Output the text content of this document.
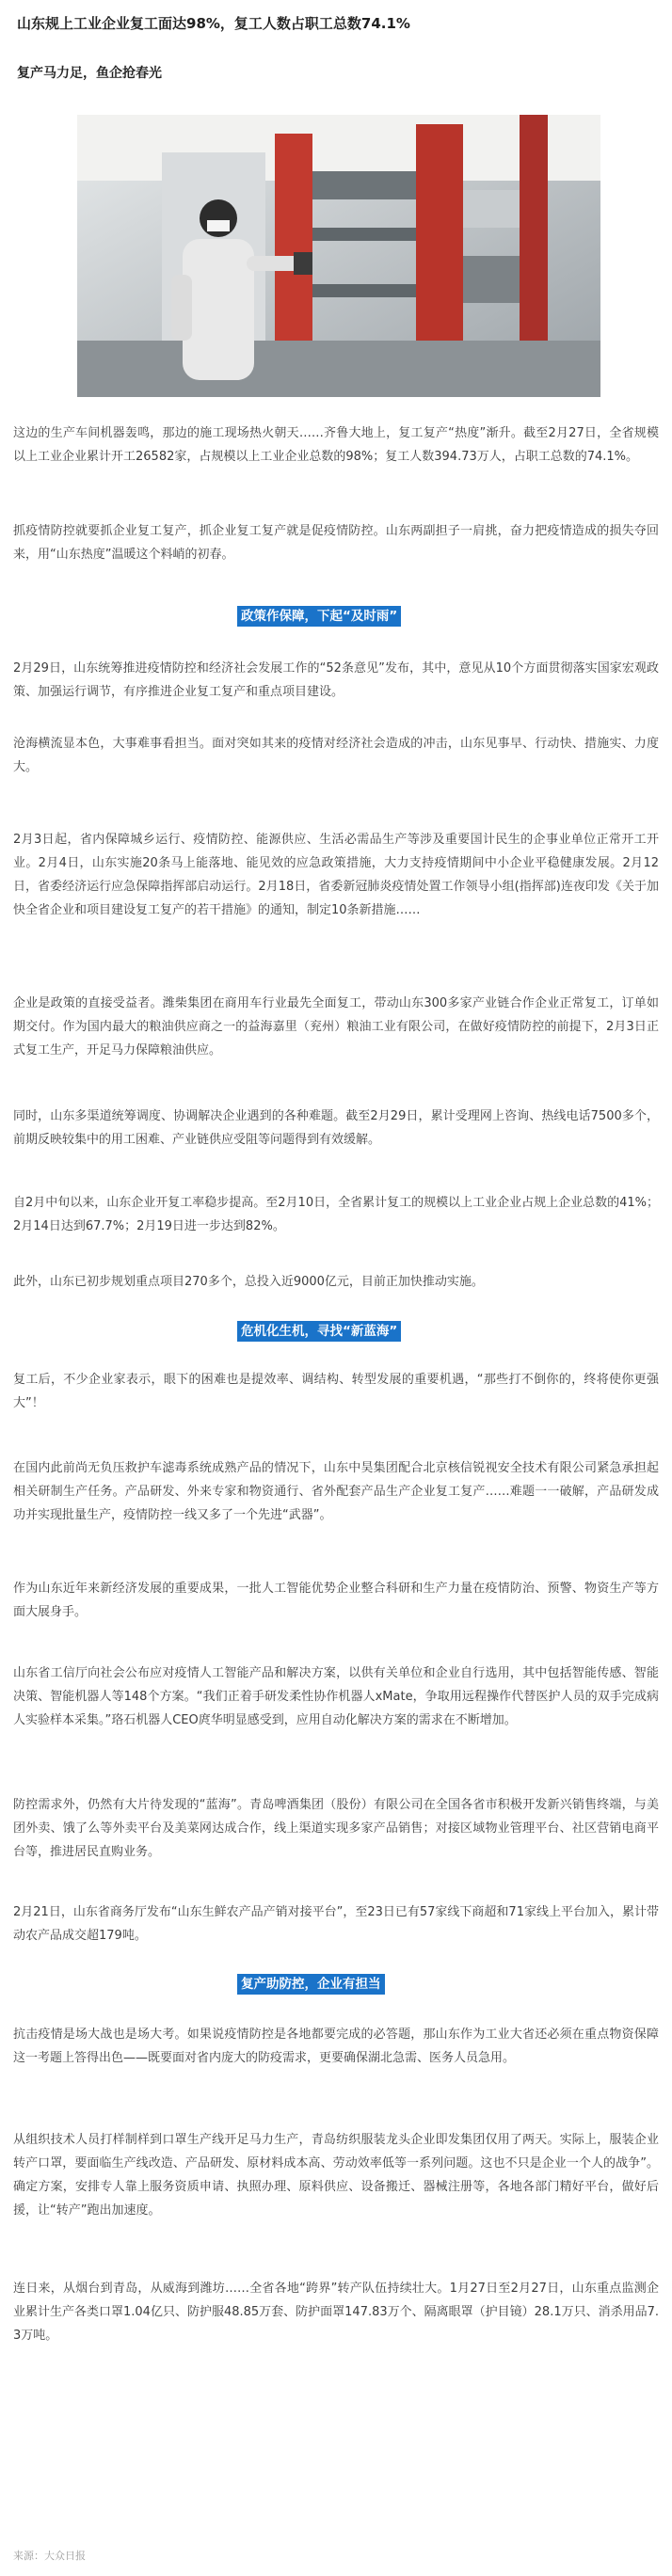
山东规上工业企业复工面达98%，复工人数占职工总数74.1%
复产马力足，鱼企抢春光
这边的生产车间机器轰鸣，那边的施工现场热火朝天……齐鲁大地上，复工复产“热度”渐升。截至2月27日，全省规模以上工业企业累计开工26582家，占规模以上工业企业总数的98%；复工人数394.73万人，占职工总数的74.1%。
抓疫情防控就要抓企业复工复产，抓企业复工复产就是促疫情防控。山东两副担子一肩挑，奋力把疫情造成的损失夺回来，用“山东热度”温暖这个料峭的初春。
政策作保障，下起“及时雨”
2月29日，山东统筹推进疫情防控和经济社会发展工作的“52条意见”发布，其中，意见从10个方面贯彻落实国家宏观政策、加强运行调节，有序推进企业复工复产和重点项目建设。
沧海横流显本色，大事难事看担当。面对突如其来的疫情对经济社会造成的冲击，山东见事早、行动快、措施实、力度大。
2月3日起，省内保障城乡运行、疫情防控、能源供应、生活必需品生产等涉及重要国计民生的企事业单位正常开工开业。2月4日，山东实施20条马上能落地、能见效的应急政策措施，大力支持疫情期间中小企业平稳健康发展。2月12日，省委经济运行应急保障指挥部启动运行。2月18日，省委新冠肺炎疫情处置工作领导小组(指挥部)连夜印发《关于加快全省企业和项目建设复工复产的若干措施》的通知，制定10条新措施……
企业是政策的直接受益者。潍柴集团在商用车行业最先全面复工，带动山东300多家产业链合作企业正常复工，订单如期交付。作为国内最大的粮油供应商之一的益海嘉里（兖州）粮油工业有限公司，在做好疫情防控的前提下，2月3日正式复工生产，开足马力保障粮油供应。
同时，山东多渠道统筹调度、协调解决企业遇到的各种难题。截至2月29日，累计受理网上咨询、热线电话7500多个，前期反映较集中的用工困难、产业链供应受阻等问题得到有效缓解。
自2月中旬以来，山东企业开复工率稳步提高。至2月10日，全省累计复工的规模以上工业企业占规上企业总数的41%；2月14日达到67.7%；2月19日进一步达到82%。
此外，山东已初步规划重点项目270多个，总投入近9000亿元，目前正加快推动实施。
危机化生机，寻找“新蓝海”
复工后，不少企业家表示，眼下的困难也是提效率、调结构、转型发展的重要机遇，“那些打不倒你的，终将使你更强大”！
在国内此前尚无负压救护车滤毒系统成熟产品的情况下，山东中昊集团配合北京核信锐视安全技术有限公司紧急承担起相关研制生产任务。产品研发、外来专家和物资通行、省外配套产品生产企业复工复产……难题一一破解，产品研发成功并实现批量生产，疫情防控一线又多了一个先进“武器”。
作为山东近年来新经济发展的重要成果，一批人工智能优势企业整合科研和生产力量在疫情防治、预警、物资生产等方面大展身手。
山东省工信厅向社会公布应对疫情人工智能产品和解决方案，以供有关单位和企业自行选用，其中包括智能传感、智能决策、智能机器人等148个方案。“我们正着手研发柔性协作机器人xMate，争取用远程操作代替医护人员的双手完成病人实验样本采集。”珞石机器人CEO庹华明显感受到，应用自动化解决方案的需求在不断增加。
防控需求外，仍然有大片待发现的“蓝海”。青岛啤酒集团（股份）有限公司在全国各省市积极开发新兴销售终端，与美团外卖、饿了么等外卖平台及美菜网达成合作，线上渠道实现多家产品销售；对接区域物业管理平台、社区营销电商平台等，推进居民直购业务。
2月21日，山东省商务厅发布“山东生鲜农产品产销对接平台”，至23日已有57家线下商超和71家线上平台加入，累计带动农产品成交超179吨。
复产助防控，企业有担当
抗击疫情是场大战也是场大考。如果说疫情防控是各地都要完成的必答题，那山东作为工业大省还必须在重点物资保障这一考题上答得出色——既要面对省内庞大的防疫需求，更要确保湖北急需、医务人员急用。
从组织技术人员打样制样到口罩生产线开足马力生产，青岛纺织服装龙头企业即发集团仅用了两天。实际上，服装企业转产口罩，要面临生产线改造、产品研发、原材料成本高、劳动效率低等一系列问题。这也不只是企业一个人的战争”。确定方案，安排专人靠上服务资质申请、执照办理、原料供应、设备搬迁、器械注册等，各地各部门精好平台，做好后援，让“转产”跑出加速度。
连日来，从烟台到青岛，从威海到潍坊……全省各地“跨界”转产队伍持续壮大。1月27日至2月27日，山东重点监测企业累计生产各类口罩1.04亿只、防护服48.85万套、防护面罩147.83万个、隔离眼罩（护目镜）28.1万只、消杀用品7.3万吨。
来源：大众日报
